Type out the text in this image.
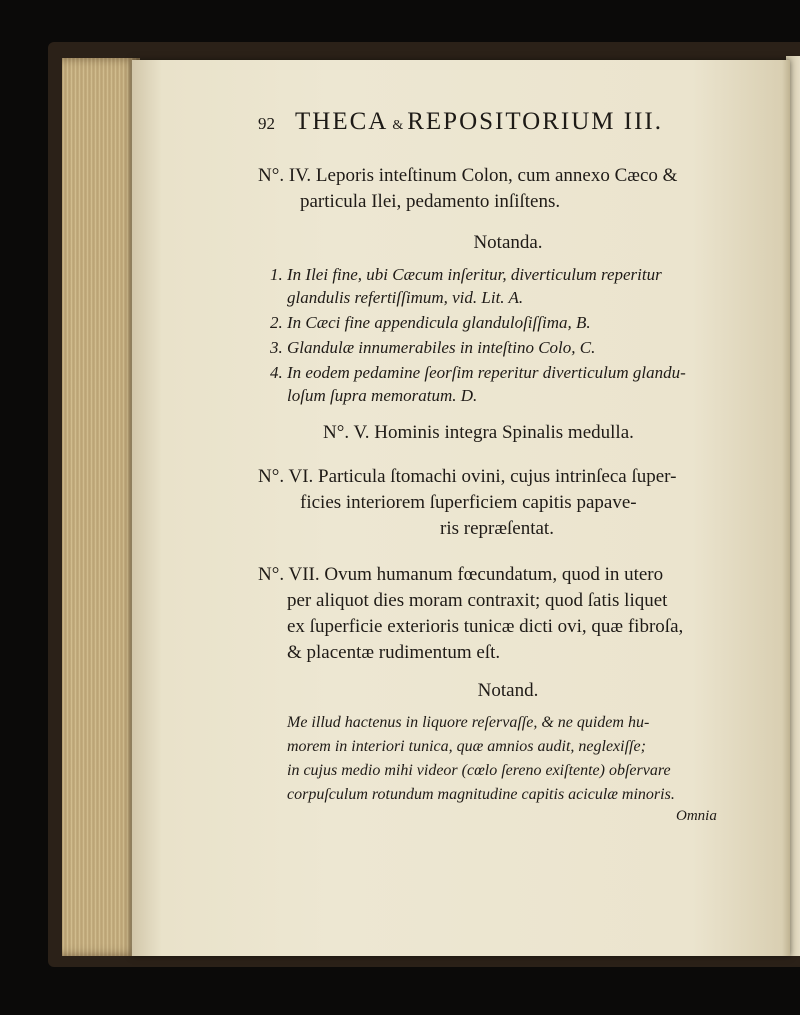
92 THECA & REPOSITORIUM III.
N°. IV. Leporis inteſtinum Colon, cum annexo Cæco &
particula Ilei, pedamento inſiſtens.
Notanda.
1. In Ilei fine, ubi Cæcum inſeritur, diverticulum reperitur
glandulis refertiſſimum, vid. Lit. A.
2. In Cæci fine appendicula glanduloſiſſima, B.
3. Glandulæ innumerabiles in inteſtino Colo, C.
4. In eodem pedamine ſeorſim reperitur diverticulum glandu-
loſum ſupra memoratum. D.
N°. V. Hominis integra Spinalis medulla.
N°. VI. Particula ſtomachi ovini, cujus intrinſeca ſuper-
ficies interiorem ſuperficiem capitis papave-
ris repræſentat.
N°. VII. Ovum humanum fœcundatum, quod in utero
per aliquot dies moram contraxit; quod ſatis liquet
ex ſuperficie exterioris tunicæ dicti ovi, quæ fibroſa,
& placentæ rudimentum eſt.
Notand.
Me illud hactenus in liquore reſervaſſe, & ne quidem hu-
morem in interiori tunica, quæ amnios audit, neglexiſſe;
in cujus medio mihi videor (cœlo ſereno exiſtente) obſervare
corpuſculum rotundum magnitudine capitis aciculæ minoris.
Omnia
